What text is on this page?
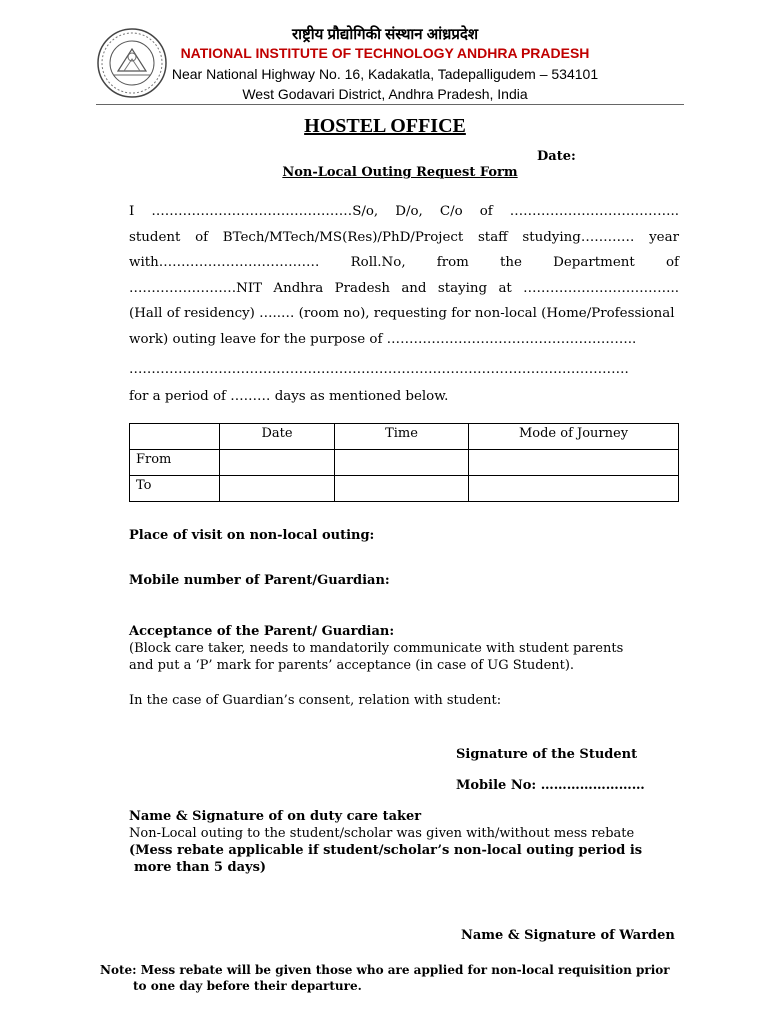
राष्ट्रीय प्रौद्योगिकी संस्थान आंध्रप्रदेश
NATIONAL INSTITUTE OF TECHNOLOGY ANDHRA PRADESH
Near National Highway No. 16, Kadakatla, Tadepalligudem – 534101
West Godavari District, Andhra Pradesh, India
HOSTEL OFFICE
Date:
Non-Local Outing Request Form
I ………………………………………S/o, D/o, C/o of ………………………………..
student of BTech/MTech/MS(Res)/PhD/Project staff studying………… year
with……………………………… Roll.No, from the Department of
……………………NIT Andhra Pradesh and staying at ……………………………..
(Hall of residency) …..… (room no), requesting for non-local (Home/Professional
work) outing leave for the purpose of ………………………………………………..
………………………………………………………………………………………………….
for a period of ……… days as mentioned below.
	Date	Time	Mode of Journey
From			
To			
Place of visit on non-local outing:
Mobile number of Parent/Guardian:
Acceptance of the Parent/ Guardian:
(Block care taker, needs to mandatorily communicate with student parents
and put a ‘P’ mark for parents’ acceptance (in case of UG Student).
In the case of Guardian’s consent, relation with student:
Signature of the Student
Mobile No: ……………………
Name & Signature of on duty care taker
Non-Local outing to the student/scholar was given with/without mess rebate
(Mess rebate applicable if student/scholar’s non-local outing period is
more than 5 days)
Name & Signature of Warden
Note: Mess rebate will be given those who are applied for non-local requisition prior
to one day before their departure.
